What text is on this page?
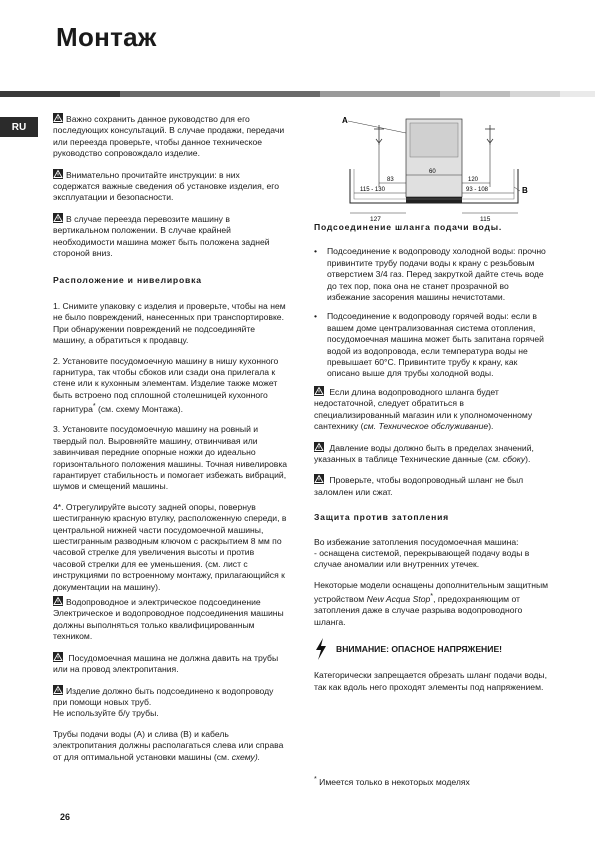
Монтаж
RU

Важно сохранить данное руководство для его последующих консультаций. В случае продажи, передачи или переезда проверьте, чтобы данное техническое руководство сопровождало изделие.

Внимательно прочитайте инструкции: в них содержатся важные сведения об установке изделия, его эксплуатации и безопасности.

В случае переезда перевозите машину в вертикальном положении. В случае крайней необходимости машина может быть положена задней стороной вниз.

Расположение и нивелировка

1. Снимите упаковку с изделия и проверьте, чтобы на нем не было повреждений, нанесенных при транспортировке.

При обнаружении повреждений не подсоединяйте машину, а обратиться к продавцу.

2. Установите посудомоечную машину в нишу кухонного гарнитура, так чтобы сбоков или сзади она прилегала к стене или к кухонным элементам. Изделие также может быть встроено под сплошной столешницей кухонного гарнитура* (см. схему Монтажа).

3. Установите посудомоечную машину на ровный и твердый пол. Выровняйте машину, отвинчивая или завинчивая передние опорные ножки до идеально горизонтального положения машины. Точная нивелировка гарантирует стабильность и помогает избежать вибраций, шумов и смещений машины.

4*. Отрегулируйте высоту задней опоры, повернув шестигранную красную втулку, расположенную спереди, в центральной нижней части посудомоечной машины, шестигранным разводным ключом с раскрытием 8 мм по часовой стрелке для увеличения высоты и против часовой стрелки для ее уменьшения. (см. лист с инструкциями по встроенному монтажу, прилагающийся к документации на машину).

Водопроводное и электрическое подсоединение Электрическое и водопроводное подсоединения машины должны выполняться только квалифицированным техником.

Посудомоечная машина не должна давить на трубы или на провод электропитания.

Изделие должно быть подсоединено к водопроводу при помощи новых труб.

Не используйте б/у трубы.

Трубы подачи воды (А) и слива (В) и кабель электропитания должны располагаться слева или справа от для оптимальной установки машины (см. схему).

A
B
60
83	120
115 - 130	93 - 108
127	115
Подсоединение шланга подачи воды.
• Подсоединение к водопроводу холодной воды: прочно привинтите трубу подачи воды к крану с резьбовым отверстием 3/4 газ. Перед закруткой дайте стечь воде до тех пор, пока она не станет прозрачной во избежание засорения машины нечистотами.
• Подсоединение к водопроводу горячей воды: если в вашем доме централизованная система отопления, посудомоечная машина может быть запитана горячей водой из водопровода, если температура воды не превышает 60°С. Привинтите трубу к крану, как описано выше для трубы холодной воды.

Если длина водопроводного шланга будет недостаточной, следует обратиться в специализированный магазин или к уполномоченному сантехнику (см. Техническое обслуживание).

Давление воды должно быть в пределах значений, указанных в таблице Технические данные (см. сбоку).

Проверьте, чтобы водопроводный шланг не был заломлен или сжат.

Защита против затопления

Во избежание затопления посудомоечная машина:

- оснащена системой, перекрывающей подачу воды в случае аномалии или внутренних утечек.

Некоторые модели оснащены дополнительным защитным устройством New Acqua Stop*, предохраняющим от затопления даже в случае разрыва водопроводного шланга.

ВНИМАНИЕ: ОПАСНОЕ НАПРЯЖЕНИЕ!

Категорически запрещается обрезать шланг подачи воды, так как вдоль него проходят элементы под напряжением.

* Имеется только в некоторых моделях
26
